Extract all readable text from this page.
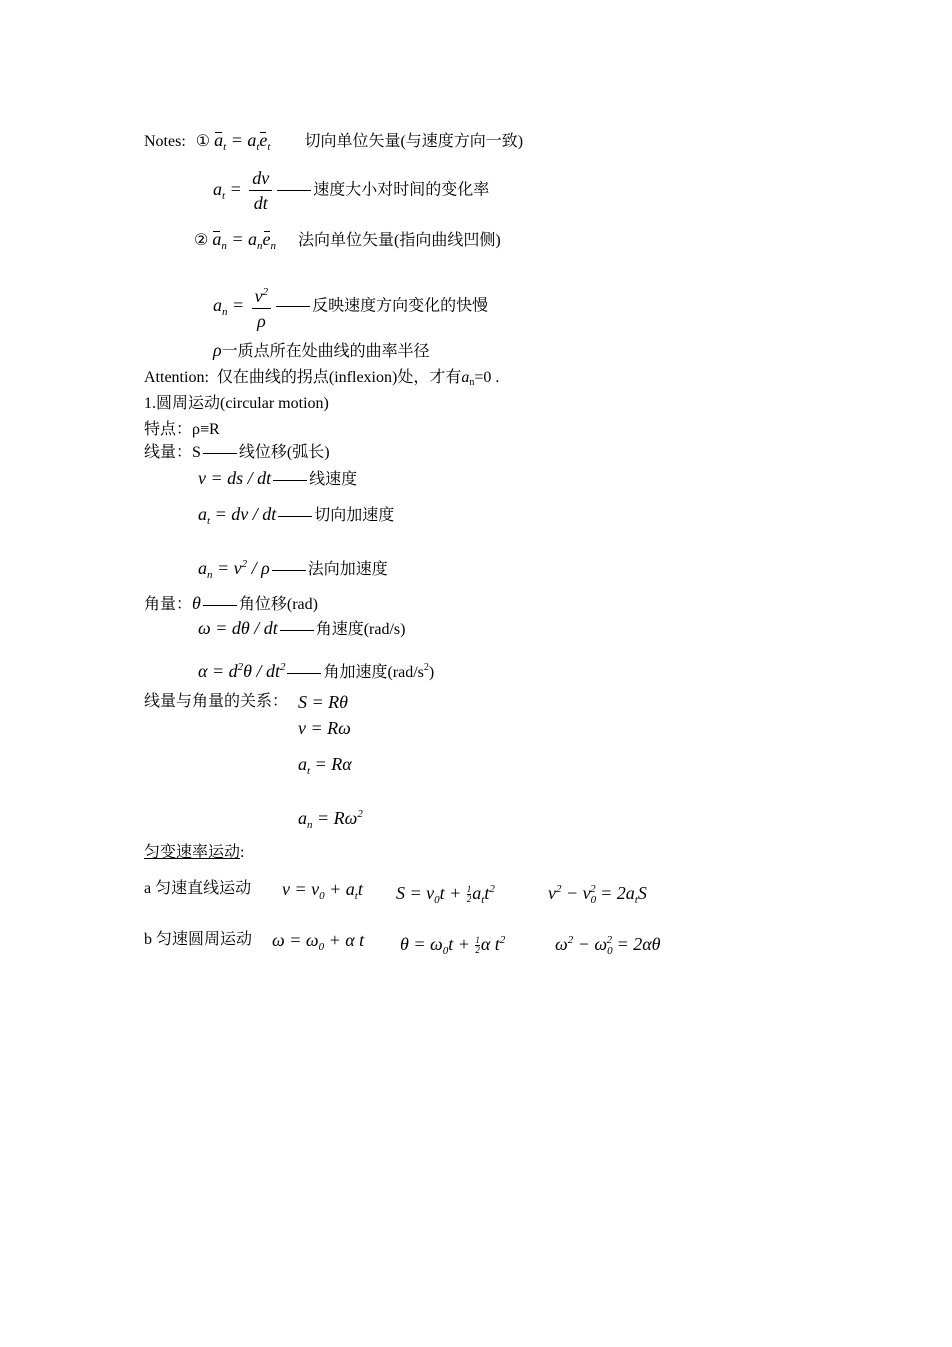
Notes: ① $a_t = a_te_t$ 切向单位矢量(与速度方向一致)
$a_t = \frac{dv}{dt}$	速度大小对时间的变化率
② $a_n = a_ne_n$ 法向单位矢量(指向曲线凹侧)
$a_n = \frac{v^2}{\rho}$	反映速度方向变化的快慢
ρ一质点所在处曲线的曲率半径
Attention: 仅在曲线的拐点(inflexion)处，才有an=0 .
1.圆周运动(circular motion)
特点：ρ≡R
线量：S 线位移(弧长)
v = ds / dt 线速度
$a_t$ = dv / dt 切向加速度
$a_n = v^2 / \rho$ 法向加速度
角量：θ 角位移(rad)
ω = dθ / dt 角速度(rad/s)
$\alpha = d^2\theta / dt^2$ 角加速度$(rad/s^2)$
线量与角量的关系： S = Rθ
v = Rω
$a_t = R\alpha$
$a_n = R\omega^2$
匀变速率运动:
a 匀速直线运动 $v = v_0 + a_tt$ $S = v_0t + \frac{1}{2} a_tt^2$	$v^2 - v_0^2 = 2a_tS$
b 匀速圆周运动 $\omega = \omega_0 + \alpha$ t $\theta = \omega_0t + \frac{1}{2}$ α $t^2$	$\omega^2 - \omega_0^2 = 2\alpha\theta$
